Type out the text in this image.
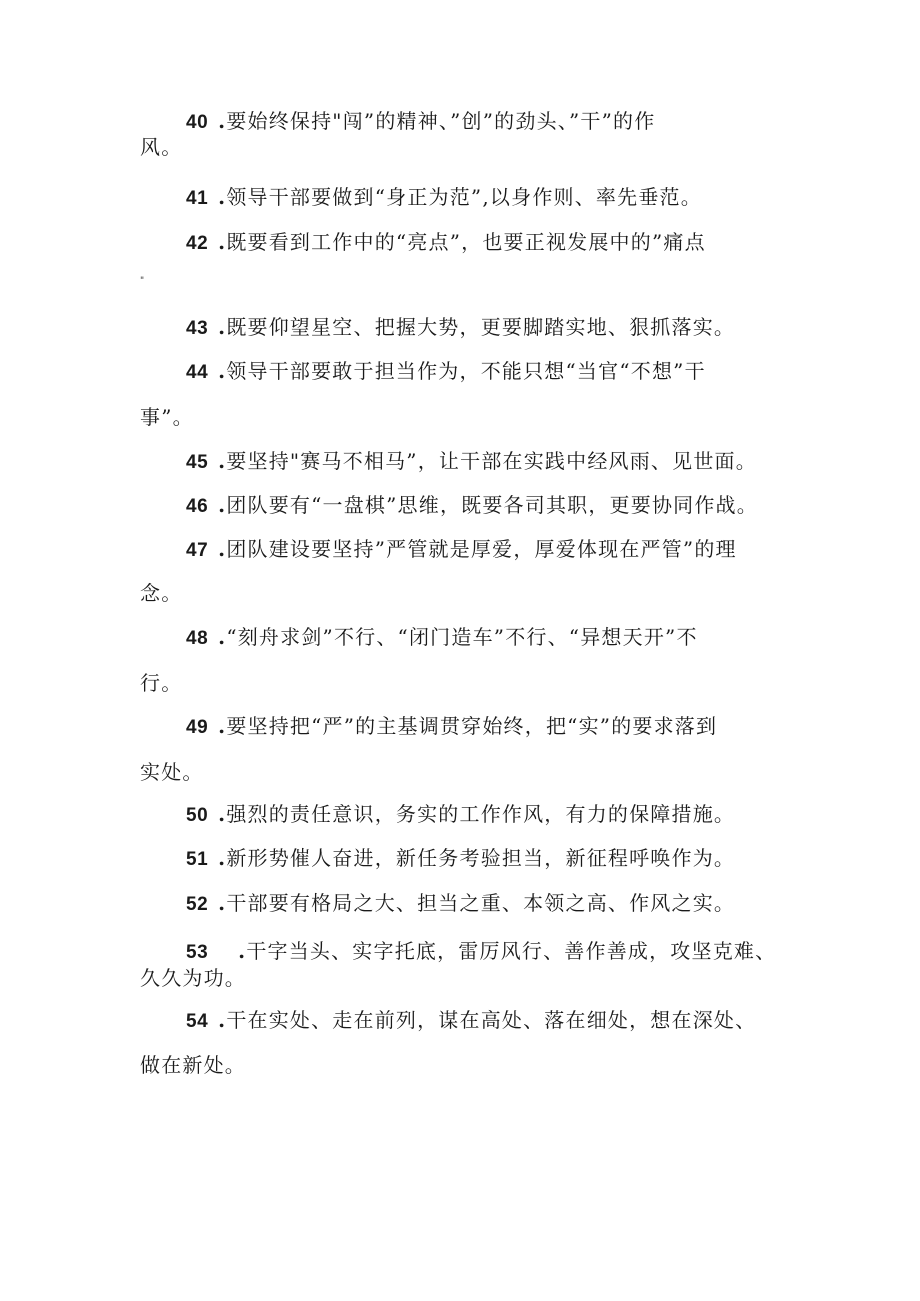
40 .要始终保持"闯”的精神、”创”的劲头、”干”的作
风。
41 .领导干部要做到“身正为范”,以身作则、率先垂范。
42 .既要看到工作中的“亮点”，也要正视发展中的”痛点
"
43 .既要仰望星空、把握大势，更要脚踏实地、狠抓落实。
44 .领导干部要敢于担当作为，不能只想“当官“不想”干
事”。
45 .要坚持"赛马不相马”，让干部在实践中经风雨、见世面。
46 .团队要有“一盘棋”思维，既要各司其职，更要协同作战。
47 .团队建设要坚持”严管就是厚爱，厚爱体现在严管”的理
念。
48 .“刻舟求剑”不行、“闭门造车”不行、“异想天开”不
行。
49 .要坚持把“严”的主基调贯穿始终，把“实”的要求落到
实处。
50 .强烈的责任意识，务实的工作作风，有力的保障措施。
51 .新形势催人奋进，新任务考验担当，新征程呼唤作为。
52 .干部要有格局之大、担当之重、本领之高、作风之实。
53 .干字当头、实字托底，雷厉风行、善作善成，攻坚克难、
久久为功。
54 .干在实处、走在前列，谋在高处、落在细处，想在深处、
做在新处。
